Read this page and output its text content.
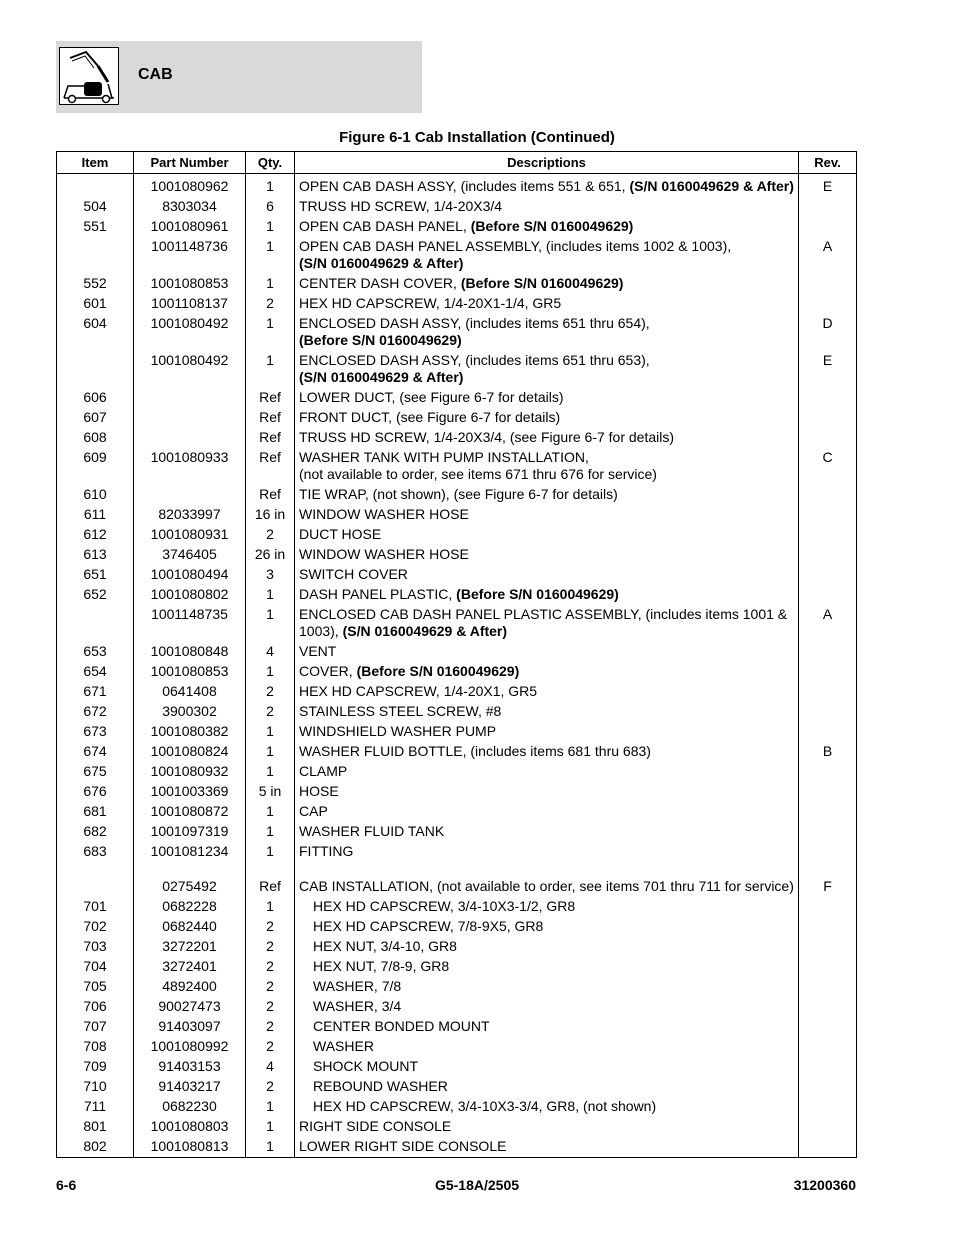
CAB
Figure 6-1 Cab Installation (Continued)
Item	Part Number	Qty.	Descriptions	Rev.
	1001080962	1	OPEN CAB DASH ASSY, (includes items 551 & 651, (S/N 0160049629 & After)	E
504	8303034	6	TRUSS HD SCREW, 1/4-20X3/4	
551	1001080961	1	OPEN CAB DASH PANEL, (Before S/N 0160049629)	
	1001148736	1	OPEN CAB DASH PANEL ASSEMBLY, (includes items 1002 & 1003),
(S/N 0160049629 & After)	A
552	1001080853	1	CENTER DASH COVER, (Before S/N 0160049629)	
601	1001108137	2	HEX HD CAPSCREW, 1/4-20X1-1/4, GR5	
604	1001080492	1	ENCLOSED DASH ASSY, (includes items 651 thru 654),
(Before S/N 0160049629)	D
	1001080492	1	ENCLOSED DASH ASSY, (includes items 651 thru 653),
(S/N 0160049629 & After)	E
606		Ref	LOWER DUCT, (see Figure 6-7 for details)	
607		Ref	FRONT DUCT, (see Figure 6-7 for details)	
608		Ref	TRUSS HD SCREW, 1/4-20X3/4, (see Figure 6-7 for details)	
609	1001080933	Ref	WASHER TANK WITH PUMP INSTALLATION,
(not available to order, see items 671 thru 676 for service)	C
610		Ref	TIE WRAP, (not shown), (see Figure 6-7 for details)	
611	82033997	16 in	WINDOW WASHER HOSE	
612	1001080931	2	DUCT HOSE	
613	3746405	26 in	WINDOW WASHER HOSE	
651	1001080494	3	SWITCH COVER	
652	1001080802	1	DASH PANEL PLASTIC, (Before S/N 0160049629)	
	1001148735	1	ENCLOSED CAB DASH PANEL PLASTIC ASSEMBLY, (includes items 1001 &
1003), (S/N 0160049629 & After)	A
653	1001080848	4	VENT	
654	1001080853	1	COVER, (Before S/N 0160049629)	
671	0641408	2	HEX HD CAPSCREW, 1/4-20X1, GR5	
672	3900302	2	STAINLESS STEEL SCREW, #8	
673	1001080382	1	WINDSHIELD WASHER PUMP	
674	1001080824	1	WASHER FLUID BOTTLE, (includes items 681 thru 683)	B
675	1001080932	1	CLAMP	
676	1001003369	5 in	HOSE	
681	1001080872	1	CAP	
682	1001097319	1	WASHER FLUID TANK	
683	1001081234	1	FITTING	

	0275492	Ref	CAB INSTALLATION, (not available to order, see items 701 thru 711 for service)	F
701	0682228	1	HEX HD CAPSCREW, 3/4-10X3-1/2, GR8	
702	0682440	2	HEX HD CAPSCREW, 7/8-9X5, GR8	
703	3272201	2	HEX NUT, 3/4-10, GR8	
704	3272401	2	HEX NUT, 7/8-9, GR8	
705	4892400	2	WASHER, 7/8	
706	90027473	2	WASHER, 3/4	
707	91403097	2	CENTER BONDED MOUNT	
708	1001080992	2	WASHER	
709	91403153	4	SHOCK MOUNT	
710	91403217	2	REBOUND WASHER	
711	0682230	1	HEX HD CAPSCREW, 3/4-10X3-3/4, GR8, (not shown)	
801	1001080803	1	RIGHT SIDE CONSOLE	
802	1001080813	1	LOWER RIGHT SIDE CONSOLE	
6-6	G5-18A/2505	31200360
